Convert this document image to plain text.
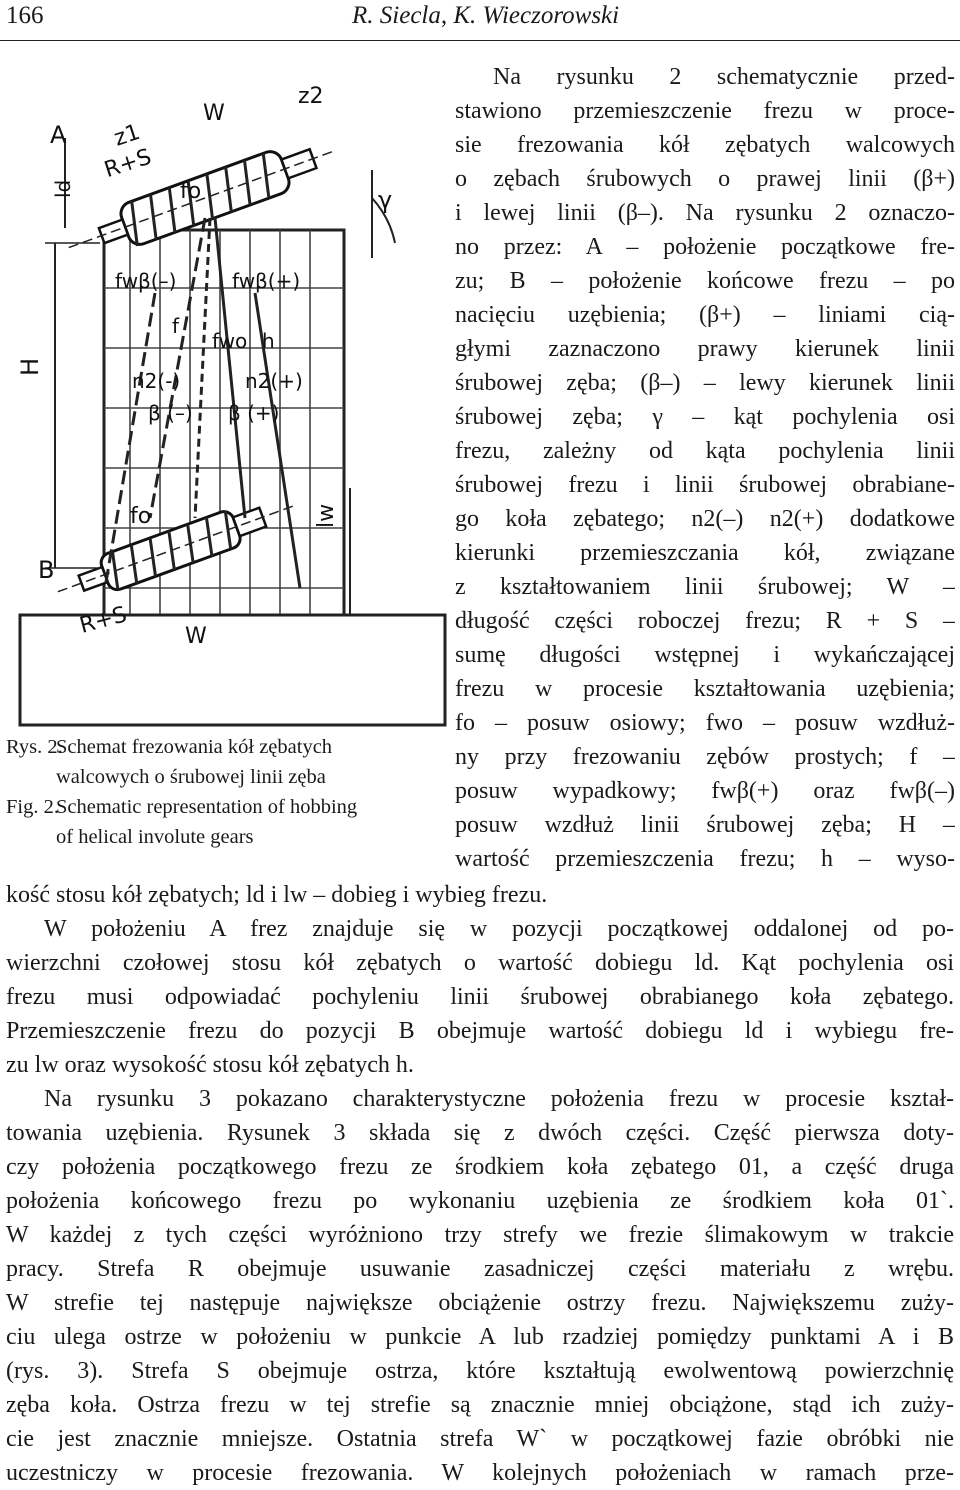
166	R. Siecla, K. Wieczorowski
A
B
ld
z1
R+S
W
z2
fo	γ
fwβ(–)	fwβ(+)
f
fwo h
H
n2(-)	n2(+)
β (–) β (+)
lw
fo
R+S	W
Rys. 2.
Schemat frezowania kół zębatych
walcowych o śrubowej linii zęba
Fig. 2.
Schematic representation of hobbing
of helical involute gears
Na rysunku 2 schematycznie przed-
stawiono przemieszczenie frezu w proce-
sie frezowania kół zębatych walcowych
o zębach śrubowych o prawej linii (β+)
i lewej linii (β–). Na rysunku 2 oznaczo-
no przez: A – położenie początkowe fre-
zu; B – położenie końcowe frezu – po
nacięciu uzębienia; (β+) – liniami cią-
głymi zaznaczono prawy kierunek linii
śrubowej zęba; (β–) – lewy kierunek linii
śrubowej zęba; γ – kąt pochylenia osi
frezu, zależny od kąta pochylenia linii
śrubowej frezu i linii śrubowej obrabiane-
go koła zębatego; n2(–) n2(+) dodatkowe
kierunki przemieszczania kół, związane
z kształtowaniem linii śrubowej; W –
długość części roboczej frezu; R + S –
sumę długości wstępnej i wykańczającej
frezu w procesie kształtowania uzębienia;
fo – posuw osiowy; fwo – posuw wzdłuż-
ny przy frezowaniu zębów prostych; f –
posuw wypadkowy; fwβ(+) oraz fwβ(–)
posuw wzdłuż linii śrubowej zęba; H –
wartość przemieszczenia frezu; h – wyso-
kość stosu kół zębatych; ld i lw – dobieg i wybieg frezu.
W położeniu A frez znajduje się w pozycji początkowej oddalonej od po-
wierzchni czołowej stosu kół zębatych o wartość dobiegu ld. Kąt pochylenia osi
frezu musi odpowiadać pochyleniu linii śrubowej obrabianego koła zębatego.
Przemieszczenie frezu do pozycji B obejmuje wartość dobiegu ld i wybiegu fre-
zu lw oraz wysokość stosu kół zębatych h.
Na rysunku 3 pokazano charakterystyczne położenia frezu w procesie kształ-
towania uzębienia. Rysunek 3 składa się z dwóch części. Część pierwsza doty-
czy położenia początkowego frezu ze środkiem koła zębatego 01, a część druga
położenia końcowego frezu po wykonaniu uzębienia ze środkiem koła 01`.
W każdej z tych części wyróżniono trzy strefy we frezie ślimakowym w trakcie
pracy. Strefa R obejmuje usuwanie zasadniczej części materiału z wrębu.
W strefie tej następuje największe obciążenie ostrzy frezu. Największemu zuży-
ciu ulega ostrze w położeniu w punkcie A lub rzadziej pomiędzy punktami A i B
(rys. 3). Strefa S obejmuje ostrza, które kształtują ewolwentową powierzchnię
zęba koła. Ostrza frezu w tej strefie są znacznie mniej obciążone, stąd ich zuży-
cie jest znacznie mniejsze. Ostatnia strefa W` w początkowej fazie obróbki nie
uczestniczy w procesie frezowania. W kolejnych położeniach w ramach prze-
